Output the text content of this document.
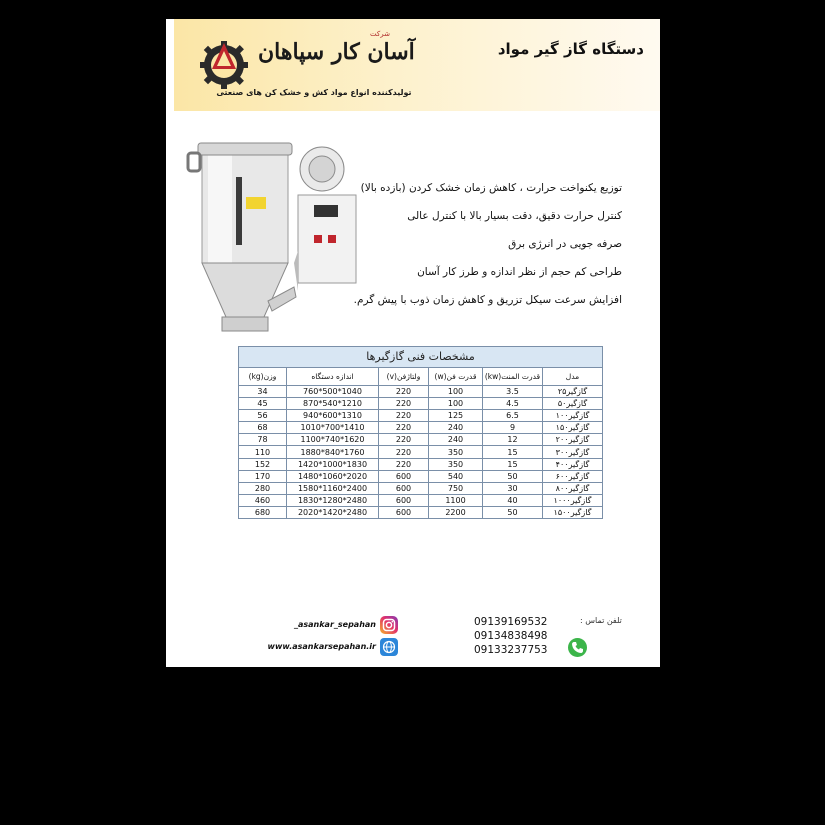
شرکت
آسان کار سپاهان
تولیدکننده انواع مواد کش و خشک کن های صنعتی
دستگاه گاز گیر مواد
توزیع یکنواخت حرارت ، کاهش زمان خشک کردن (بازده بالا)
کنترل حرارت دقیق، دقت بسیار بالا با کنترل عالی
صرفه جویی در انرژی برق
طراحی کم حجم از نظر اندازه و طرز کار آسان
افزایش سرعت سیکل تزریق و کاهش زمان ذوب با پیش گرم.
مشخصات فنی گازگیرها
مدل	قدرت المنت(kw)	قدرت فن(w)	ولتاژفن(v)	اندازه دستگاه	وزن(kg)
گازگیر۲۵	3.5	100	220	760*500*1040	34
گازگیر۵۰	4.5	100	220	870*540*1210	45
گازگیر۱۰۰	6.5	125	220	940*600*1310	56
گازگیر۱۵۰	9	240	220	1010*700*1410	68
گازگیر۲۰۰	12	240	220	1100*740*1620	78
گازگیر۳۰۰	15	350	220	1880*840*1760	110
گازگیر۴۰۰	15	350	220	1420*1000*1830	152
گازگیر۶۰۰	50	540	600	1480*1060*2020	170
گازگیر۸۰۰	30	750	600	1580*1160*2400	280
گازگیر۱۰۰۰	40	1100	600	1830*1280*2480	460
گازگیر۱۵۰۰	50	2200	600	2020*1420*2480	680
تلفن تماس :
09139169532
09134838498
09133237753
_asankar_sepahan
www.asankarsepahan.ir
